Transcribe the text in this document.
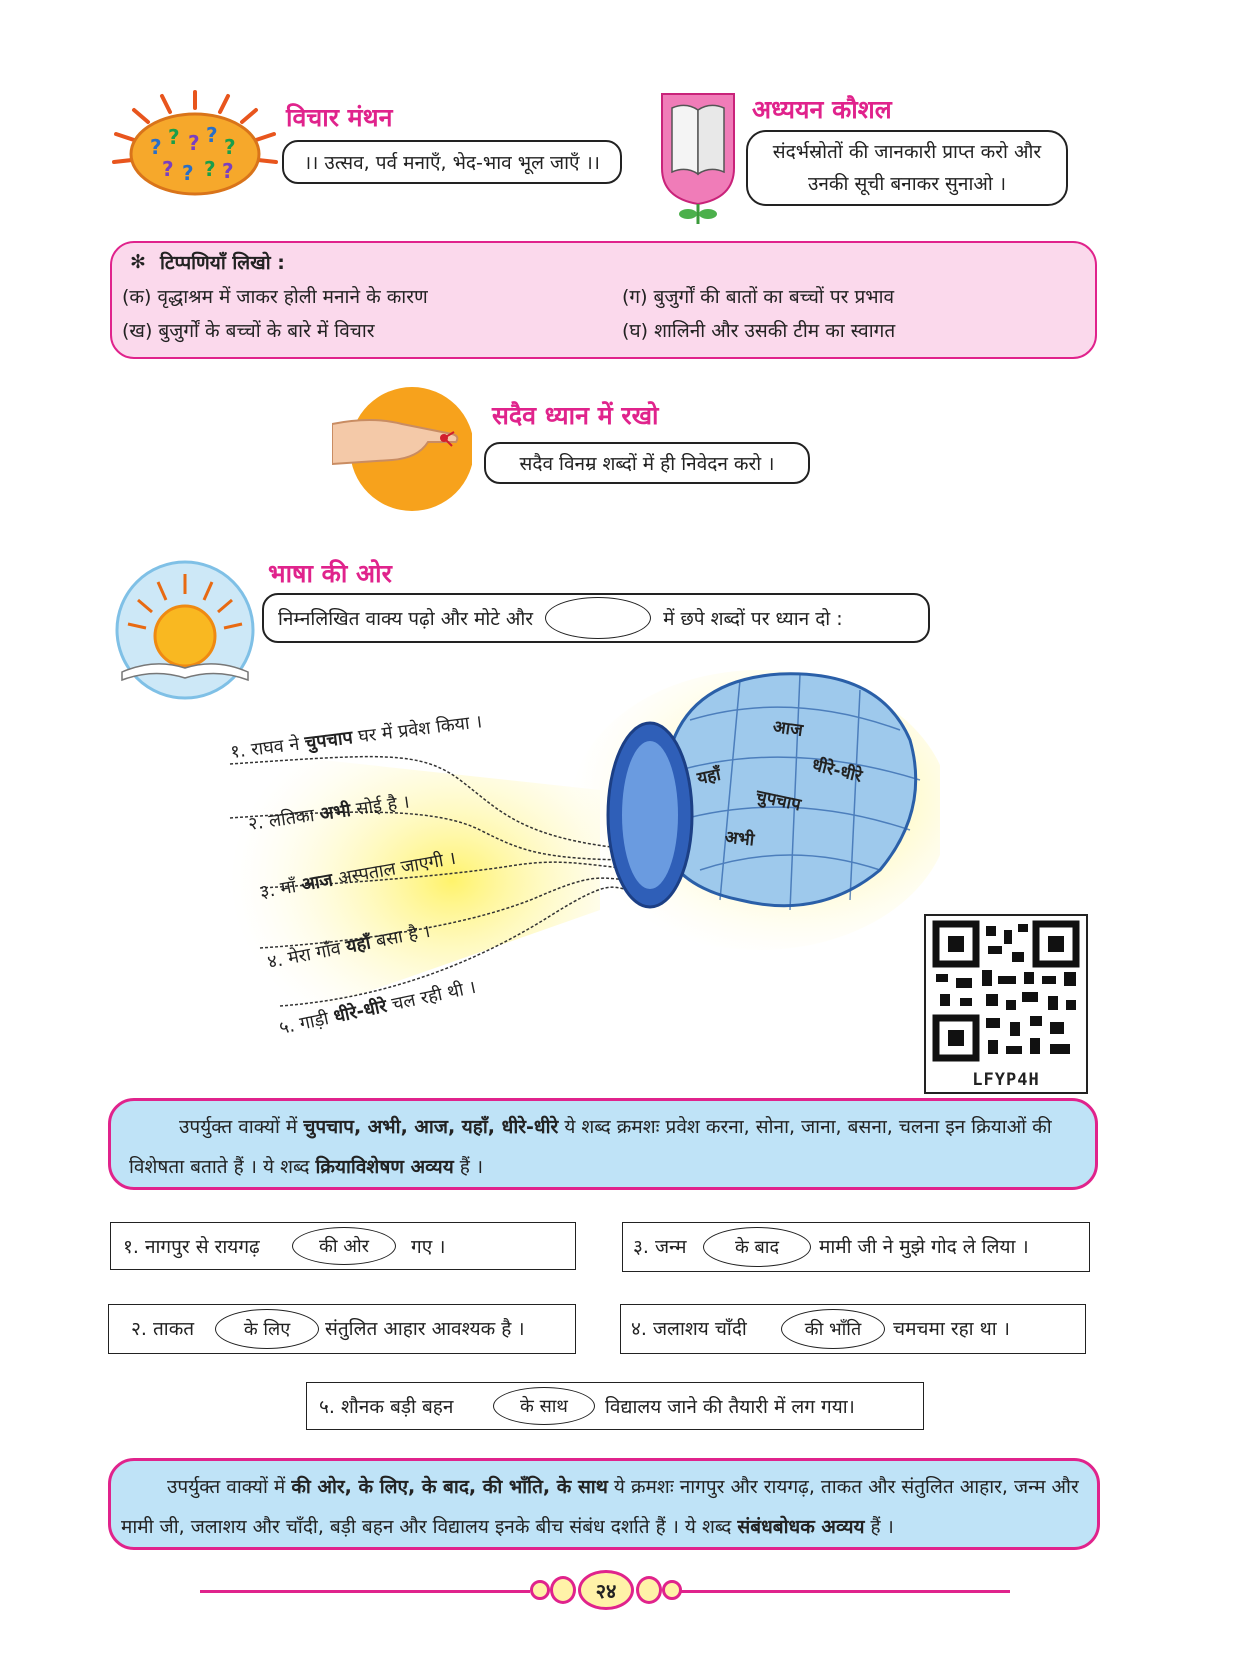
? ? ? ? ?
? ? ? ?
विचार मंथन
।। उत्सव, पर्व मनाएँ, भेद-भाव भूल जाएँ ।।
अध्ययन कौशल
संदर्भस्रोतों की जानकारी प्राप्त करो और
उनकी सूची बनाकर सुनाओ ।
✻ टिप्पणियाँ लिखो :
(क) वृद्धाश्रम में जाकर होली मनाने के कारण
(ख) बुजुर्गों के बच्चों के बारे में विचार
(ग) बुजुर्गों की बातों का बच्चों पर प्रभाव
(घ) शालिनी और उसकी टीम का स्वागत
सदैव ध्यान में रखो
सदैव विनम्र शब्दों में ही निवेदन करो ।
भाषा की ओर
निम्नलिखित वाक्य पढ़ो और मोटे और	में छपे शब्दों पर ध्यान दो :
आज
धीरे-धीरे
यहाँ
चुपचाप
अभी
१. राघव ने चुपचाप घर में प्रवेश किया ।
२. लतिका अभी सोई है ।
३. माँ आज अस्पताल जाएगी ।
४. मेरा गाँव यहाँ बसा है ।
५. गाड़ी धीरे-धीरे चल रही थी ।
LFYP4H
उपर्युक्त वाक्यों में चुपचाप, अभी, आज, यहाँ, धीरे-धीरे ये शब्द क्रमशः प्रवेश करना, सोना, जाना, बसना, चलना इन क्रियाओं की विशेषता बताते हैं । ये शब्द क्रियाविशेषण अव्यय हैं ।
१. नागपुर से रायगढ़	की ओर	गए ।	३. जन्म	के बाद	मामी जी ने मुझे गोद ले लिया ।
२. ताकत	के लिए	संतुलित आहार आवश्यक है ।	४. जलाशय चाँदी	की भाँति	चमचमा रहा था ।
५. शौनक बड़ी बहन	के साथ	विद्यालय जाने की तैयारी में लग गया।
उपर्युक्त वाक्यों में की ओर, के लिए, के बाद, की भाँति, के साथ ये क्रमशः नागपुर और रायगढ़, ताकत और संतुलित आहार, जन्म और मामी जी, जलाशय और चाँदी, बड़ी बहन और विद्यालय इनके बीच संबंध दर्शाते हैं । ये शब्द संबंधबोधक अव्यय हैं ।
२४
